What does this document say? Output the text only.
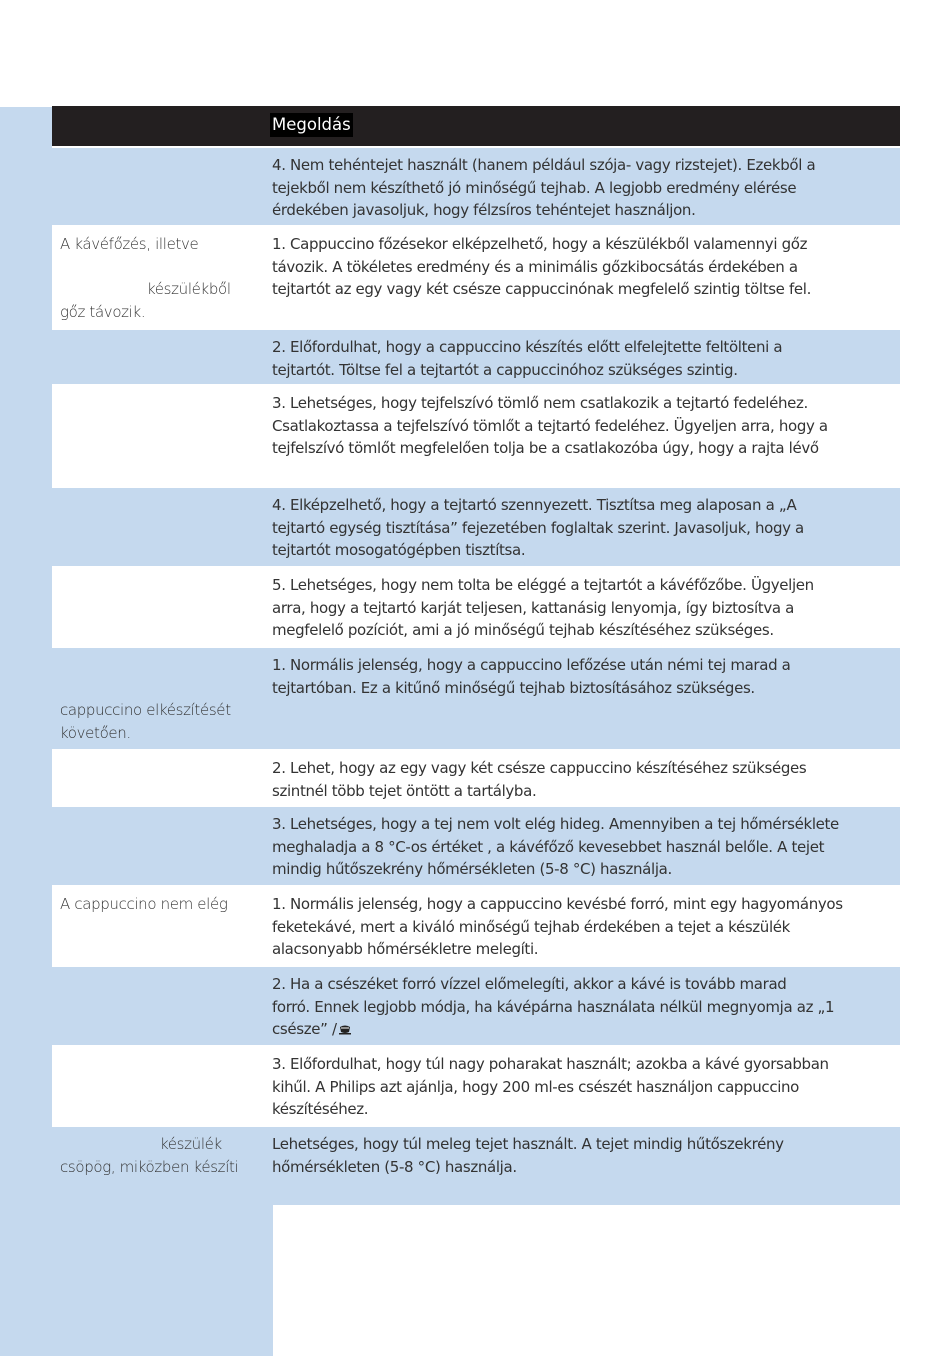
Megoldás
4. Nem tehéntejet használt (hanem például szója- vagy rizstejet). Ezekből a
tejekből nem készíthető jó minőségű tejhab. A legjobb eredmény elérése
érdekében javasoljuk, hogy félzsíros tehéntejet használjon.
A kávéfőzés, illetve
készülékből
gőz távozik.
1. Cappuccino főzésekor elképzelhető, hogy a készülékből valamennyi gőz
távozik. A tökéletes eredmény és a minimális gőzkibocsátás érdekében a
tejtartót az egy vagy két csésze cappuccinónak megfelelő szintig töltse fel.
2. Előfordulhat, hogy a cappuccino készítés előtt elfelejtette feltölteni a
tejtartót. Töltse fel a tejtartót a cappuccinóhoz szükséges szintig.
3. Lehetséges, hogy tejfelszívó tömlő nem csatlakozik a tejtartó fedeléhez.
Csatlakoztassa a tejfelszívó tömlőt a tejtartó fedeléhez. Ügyeljen arra, hogy a
tejfelszívó tömlőt megfelelően tolja be a csatlakozóba úgy, hogy a rajta lévő
4. Elképzelhető, hogy a tejtartó szennyezett. Tisztítsa meg alaposan a „A
tejtartó egység tisztítása” fejezetében foglaltak szerint. Javasoljuk, hogy a
tejtartót mosogatógépben tisztítsa.
5. Lehetséges, hogy nem tolta be eléggé a tejtartót a kávéfőzőbe. Ügyeljen
arra, hogy a tejtartó karját teljesen, kattanásig lenyomja, így biztosítva a
megfelelő pozíciót, ami a jó minőségű tejhab készítéséhez szükséges.
cappuccino elkészítését
követően.
1. Normális jelenség, hogy a cappuccino lefőzése után némi tej marad a
tejtartóban. Ez a kitűnő minőségű tejhab biztosításához szükséges.
2. Lehet, hogy az egy vagy két csésze cappuccino készítéséhez szükséges
szintnél több tejet öntött a tartályba.
3. Lehetséges, hogy a tej nem volt elég hideg. Amennyiben a tej hőmérséklete
meghaladja a 8 °C-os értéket , a kávéfőző kevesebbet használ belőle. A tejet
mindig hűtőszekrény hőmérsékleten (5-8 °C) használja.
A cappuccino nem elég	1. Normális jelenség, hogy a cappuccino kevésbé forró, mint egy hagyományos
feketekávé, mert a kiváló minőségű tejhab érdekében a tejet a készülék
alacsonyabb hőmérsékletre melegíti.
2. Ha a csészéket forró vízzel előmelegíti, akkor a kávé is tovább marad
forró. Ennek legjobb módja, ha kávépárna használata nélkül megnyomja az „1
csésze” /
3. Előfordulhat, hogy túl nagy poharakat használt; azokba a kávé gyorsabban
kihűl. A Philips azt ajánlja, hogy 200 ml-es csészét használjon cappuccino
készítéséhez.
készülék
csöpög, miközben készíti
Lehetséges, hogy túl meleg tejet használt. A tejet mindig hűtőszekrény
hőmérsékleten (5-8 °C) használja.
